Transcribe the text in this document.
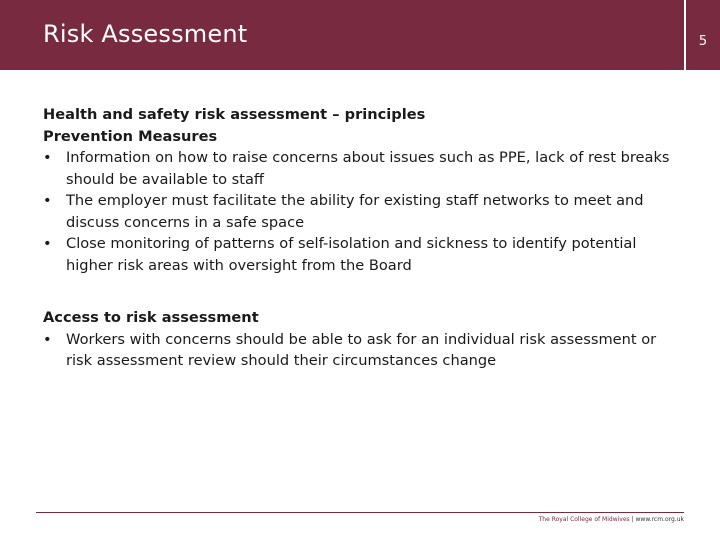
Risk Assessment	5
Health and safety risk assessment – principles
Prevention Measures
• Information on how to raise concerns about issues such as PPE, lack of rest breaks should be available to staff
• The employer must facilitate the ability for existing staff networks to meet and discuss concerns in a safe space
• Close monitoring of patterns of self-isolation and sickness to identify potential higher risk areas with oversight from the Board
Access to risk assessment
• Workers with concerns should be able to ask for an individual risk assessment or risk assessment review should their circumstances change
The Royal College of Midwives | www.rcm.org.uk
